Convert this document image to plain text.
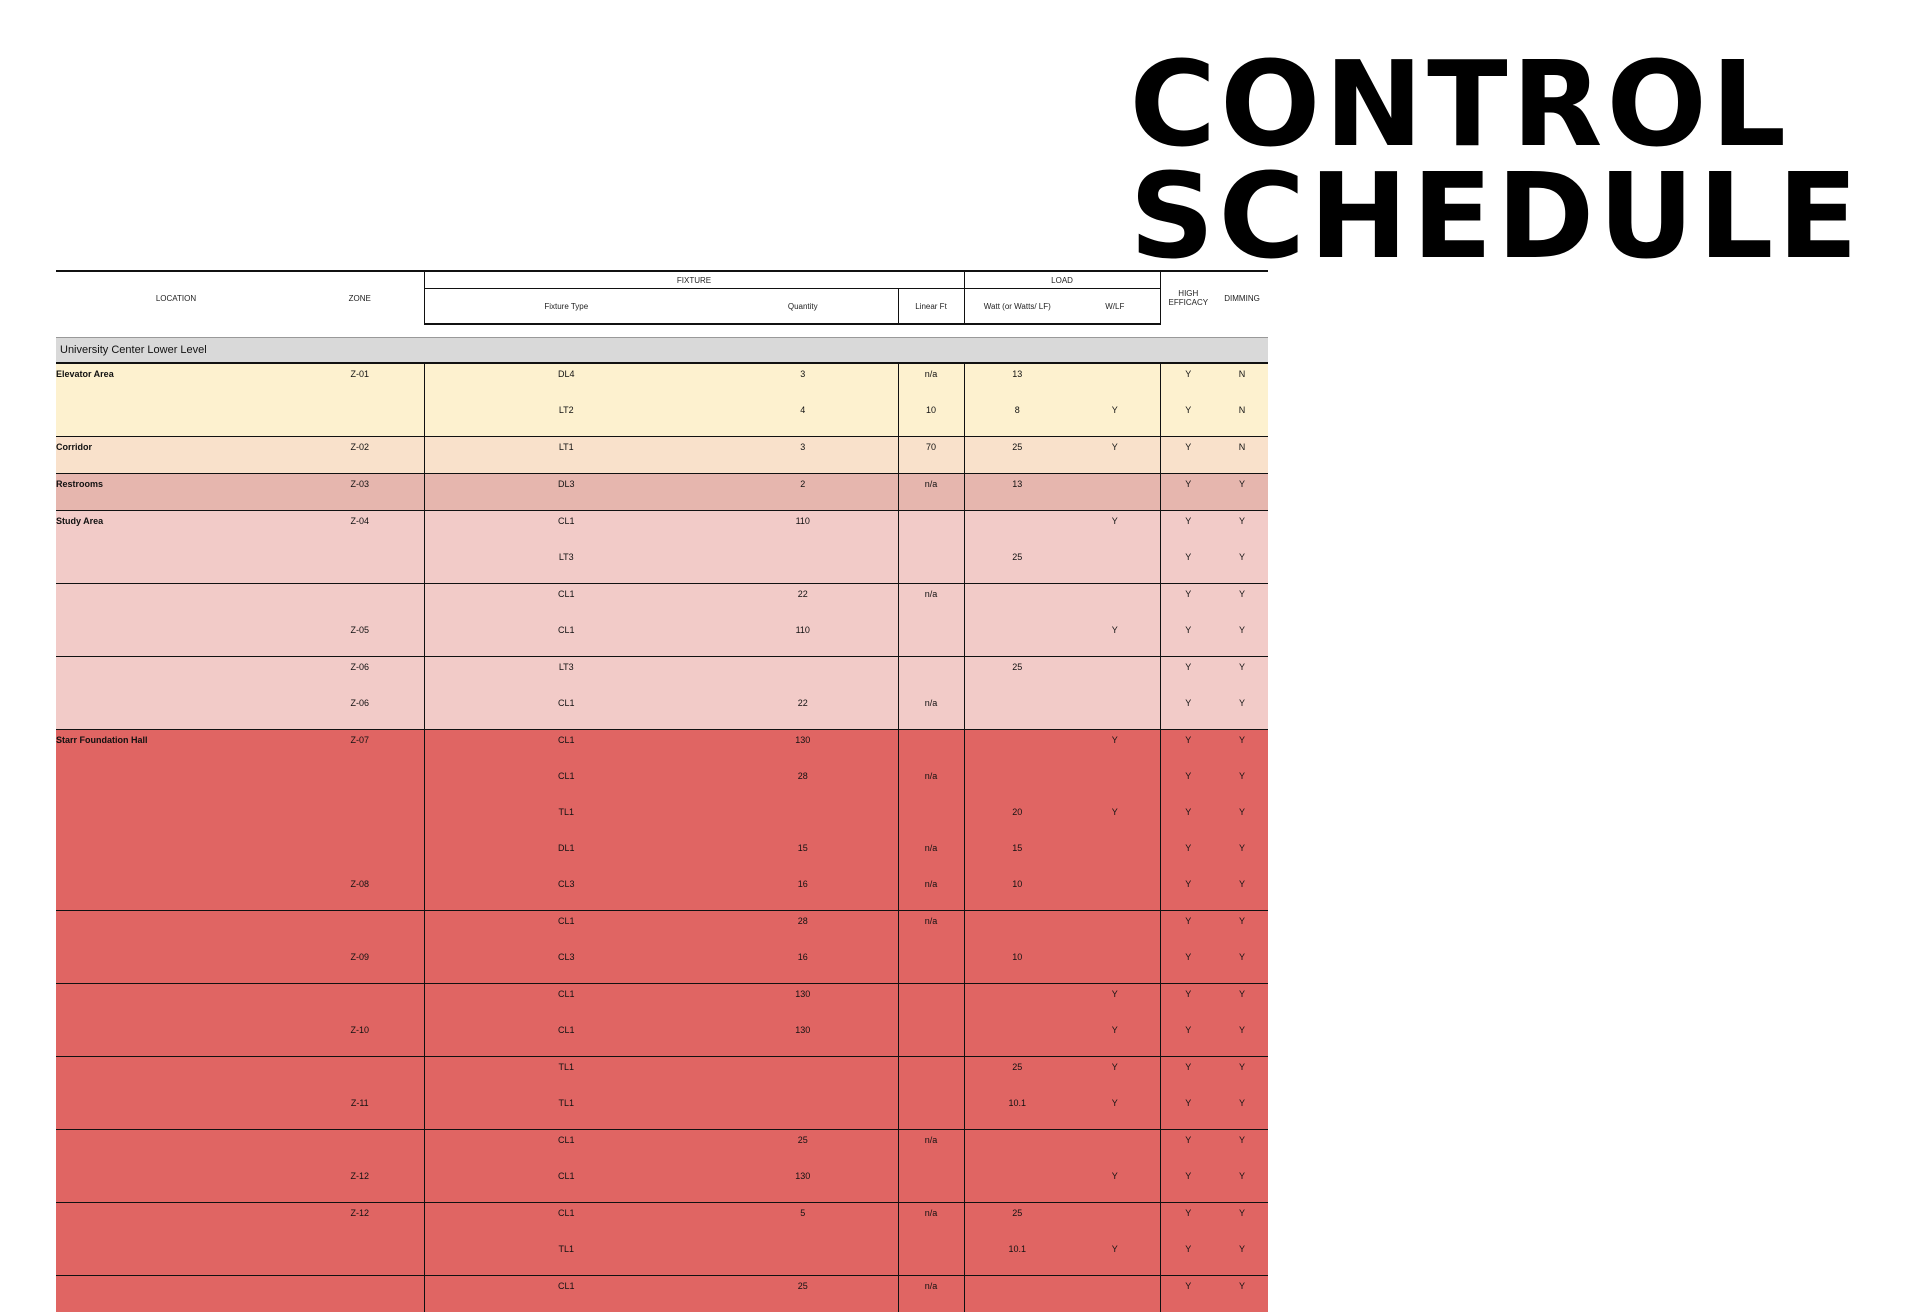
CONTROL
SCHEDULE
LOCATION	ZONE	FIXTURE			LOAD		HIGH EFFICACY	DIMMING
		Fixture Type	Quantity	Linear Ft	Watt (or Watts/ LF)	W/LF		

University Center Lower Level								
Elevator Area	Z-01	DL4	3	n/a	13		Y	N
		LT2	4	10	8	Y	Y	N
Corridor	Z-02	LT1	3	70	25	Y	Y	N
Restrooms	Z-03	DL3	2	n/a	13		Y	Y
Study Area	Z-04	CL1	110			Y	Y	Y
		LT3			25		Y	Y
		CL1	22	n/a			Y	Y
	Z-05	CL1	110			Y	Y	Y
	Z-06	LT3			25		Y	Y
	Z-06	CL1	22	n/a			Y	Y
Starr Foundation Hall	Z-07	CL1	130			Y	Y	Y
		CL1	28	n/a			Y	Y
		TL1			20	Y	Y	Y
		DL1	15	n/a	15		Y	Y
	Z-08	CL3	16	n/a	10		Y	Y
		CL1	28	n/a			Y	Y
	Z-09	CL3	16		10		Y	Y
		CL1	130			Y	Y	Y
	Z-10	CL1	130			Y	Y	Y
		TL1			25	Y	Y	Y
	Z-11	TL1			10.1	Y	Y	Y
		CL1	25	n/a			Y	Y
	Z-12	CL1	130			Y	Y	Y
	Z-12	CL1	5	n/a	25		Y	Y
		TL1			10.1	Y	Y	Y
		CL1	25	n/a			Y	Y
